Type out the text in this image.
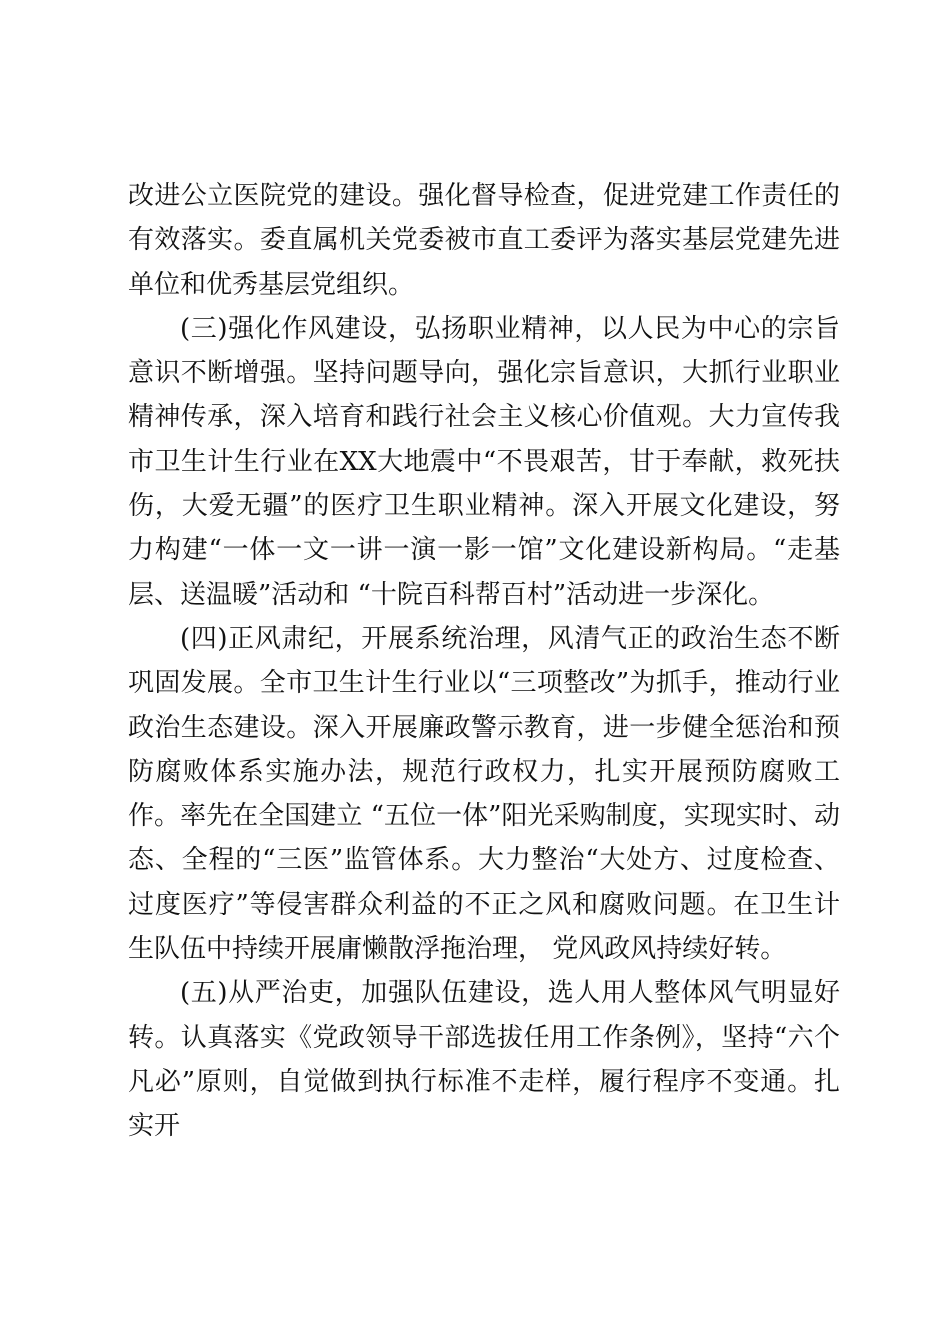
改进公立医院党的建设。强化督导检查，促进党建工作责任的有效落实。委直属机关党委被市直工委评为落实基层党建先进单位和优秀基层党组织。

(三)强化作风建设，弘扬职业精神，以人民为中心的宗旨意识不断增强。坚持问题导向，强化宗旨意识，大抓行业职业精神传承，深入培育和践行社会主义核心价值观。大力宣传我市卫生计生行业在XX大地震中“不畏艰苦，甘于奉献，救死扶伤，大爱无疆”的医疗卫生职业精神。深入开展文化建设，努力构建“一体一文一讲一演一影一馆”文化建设新构局。“走基层、送温暖”活动和 “十院百科帮百村”活动进一步深化。

(四)正风肃纪，开展系统治理，风清气正的政治生态不断巩固发展。全市卫生计生行业以“三项整改”为抓手，推动行业政治生态建设。深入开展廉政警示教育，进一步健全惩治和预防腐败体系实施办法，规范行政权力，扎实开展预防腐败工作。率先在全国建立 “五位一体”阳光采购制度，实现实时、动态、全程的“三医”监管体系。大力整治“大处方、过度检查、过度医疗”等侵害群众利益的不正之风和腐败问题。在卫生计生队伍中持续开展庸懒散浮拖治理， 党风政风持续好转。

(五)从严治吏，加强队伍建设，选人用人整体风气明显好转。认真落实《党政领导干部选拔任用工作条例》，坚持“六个凡必”原则，自觉做到执行标准不走样，履行程序不变通。扎实开
